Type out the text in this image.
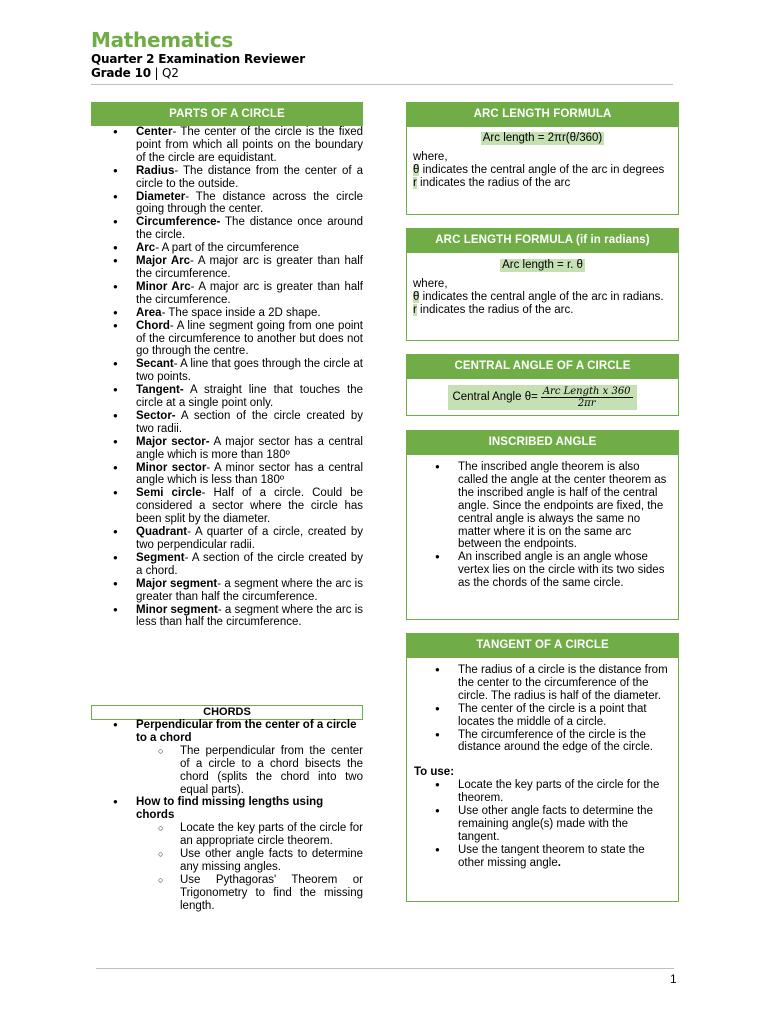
Mathematics
Quarter 2 Examination Reviewer
Grade 10 | Q2
PARTS OF A CIRCLE
● Center- The center of the circle is the fixed point from which all points on the boundary of the circle are equidistant.
● Radius- The distance from the center of a circle to the outside.
● Diameter- The distance across the circle going through the center.
● Circumference- The distance once around the circle.
● Arc- A part of the circumference
● Major Arc- A major arc is greater than half the circumference.
● Minor Arc- A major arc is greater than half the circumference.
● Area- The space inside a 2D shape.
● Chord- A line segment going from one point of the circumference to another but does not go through the centre.
● Secant- A line that goes through the circle at two points.
● Tangent- A straight line that touches the circle at a single point only.
● Sector- A section of the circle created by two radii.
● Major sector- A major sector has a central angle which is more than 180º
● Minor sector- A minor sector has a central angle which is less than 180º
● Semi circle- Half of a circle. Could be considered a sector where the circle has been split by the diameter.
● Quadrant- A quarter of a circle, created by two perpendicular radii.
● Segment- A section of the circle created by a chord.
● Major segment- a segment where the arc is greater than half the circumference.
● Minor segment- a segment where the arc is less than half the circumference.
CHORDS
● Perpendicular from the center of a circle to a chord
○ The perpendicular from the center of a circle to a chord bisects the chord (splits the chord into two equal parts).
● How to find missing lengths using chords
○ Locate the key parts of the circle for an appropriate circle theorem.
○ Use other angle facts to determine any missing angles.
○ Use Pythagoras' Theorem or Trigonometry to find the missing length.
ARC LENGTH FORMULA
Arc length = 2πr(θ/360)
where,
θ indicates the central angle of the arc in degrees
r indicates the radius of the arc
ARC LENGTH FORMULA (if in radians)
Arc length = r. θ
where,
θ indicates the central angle of the arc in radians.
r indicates the radius of the arc.
CENTRAL ANGLE OF A CIRCLE
Central Angle $\theta= \frac{\text{Arc Length x 360}}{2\pi r}$
INSCRIBED ANGLE
● The inscribed angle theorem is also called the angle at the center theorem as the inscribed angle is half of the central angle. Since the endpoints are fixed, the central angle is always the same no matter where it is on the same arc between the endpoints.
● An inscribed angle is an angle whose vertex lies on the circle with its two sides as the chords of the same circle.
TANGENT OF A CIRCLE
● The radius of a circle is the distance from the center to the circumference of the circle. The radius is half of the diameter.
● The center of the circle is a point that locates the middle of a circle.
● The circumference of the circle is the distance around the edge of the circle.
To use:
● Locate the key parts of the circle for the theorem.
● Use other angle facts to determine the remaining angle(s) made with the tangent.
● Use the tangent theorem to state the other missing angle.
1
